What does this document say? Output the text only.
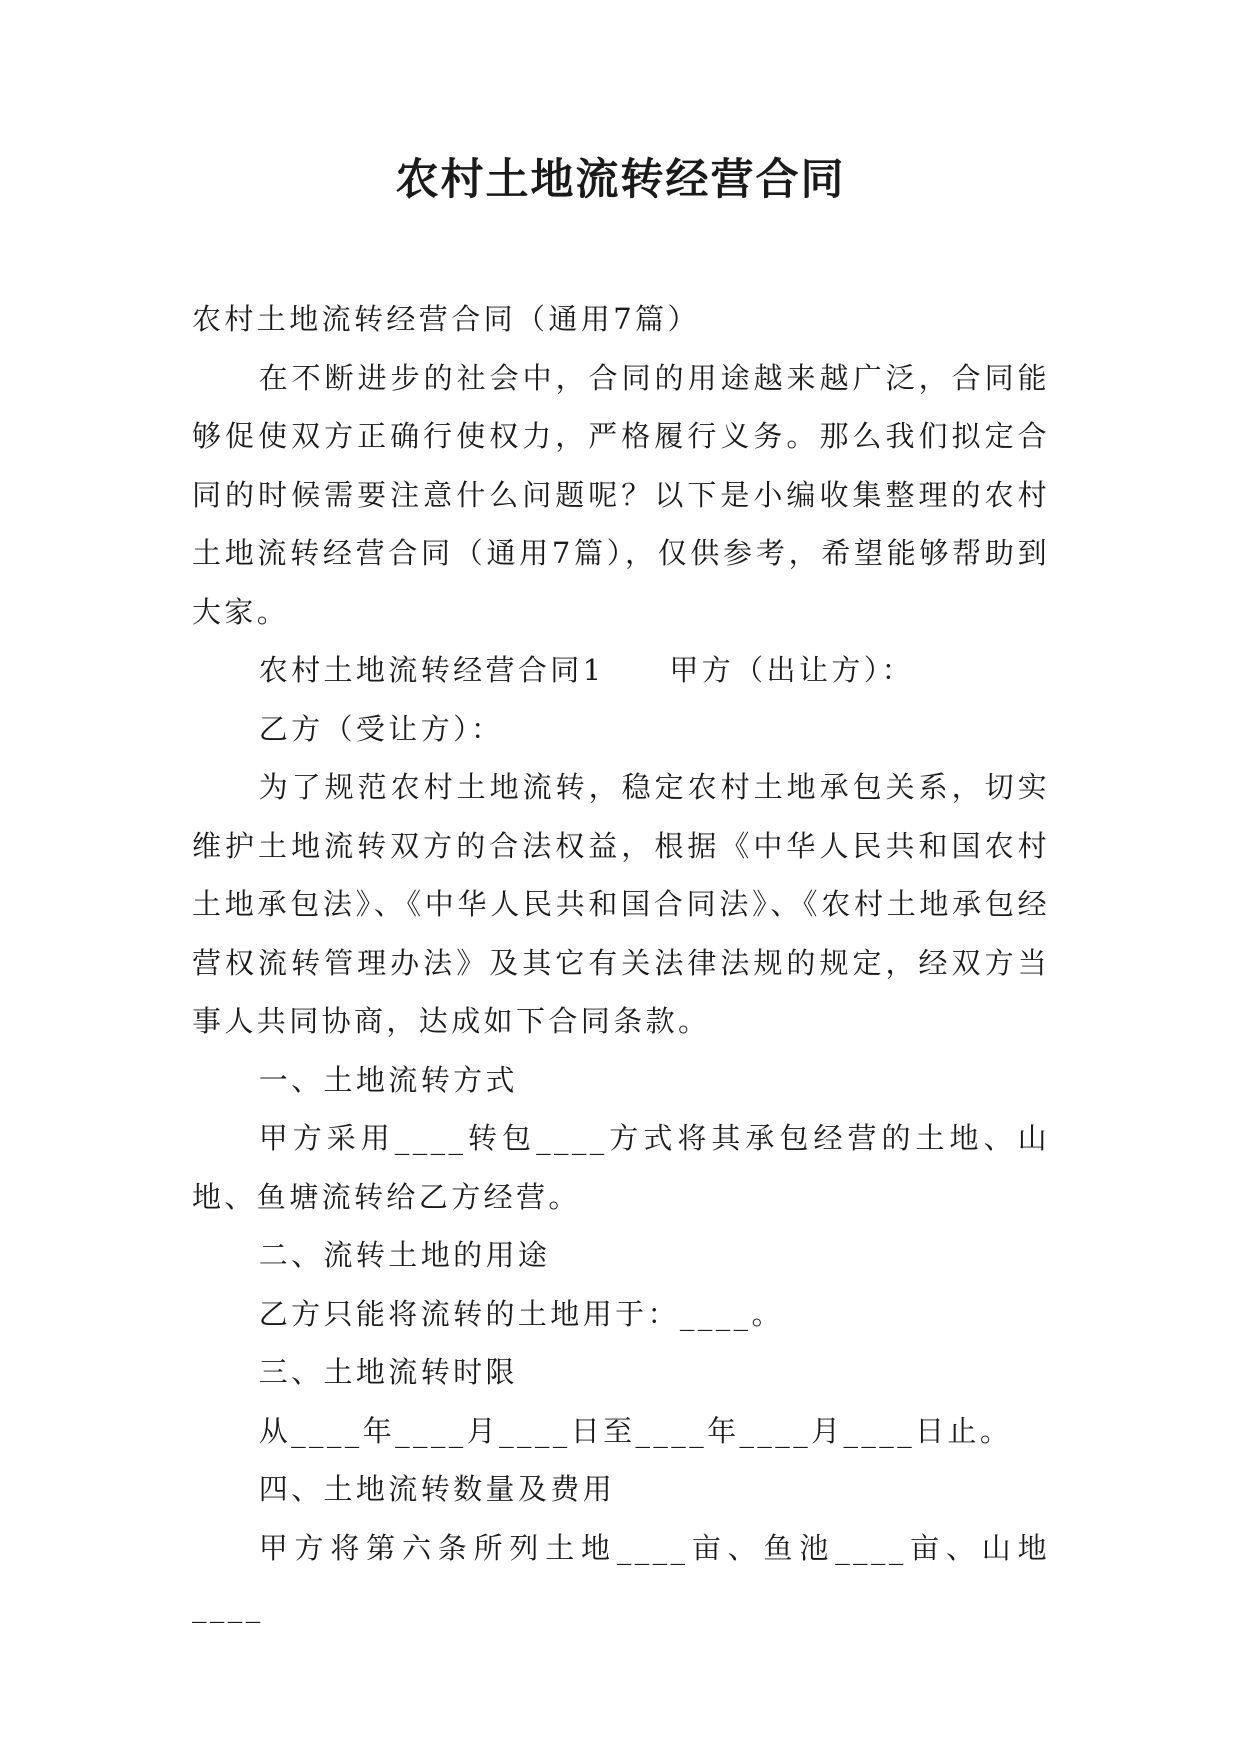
农村土地流转经营合同

农村土地流转经营合同（通用7篇）

在不断进步的社会中，合同的用途越来越广泛，合同能够促使双方正确行使权力，严格履行义务。那么我们拟定合同的时候需要注意什么问题呢？以下是小编收集整理的农村土地流转经营合同（通用7篇），仅供参考，希望能够帮助到大家。

农村土地流转经营合同1　　甲方（出让方）：

乙方（受让方）：

为了规范农村土地流转，稳定农村土地承包关系，切实维护土地流转双方的合法权益，根据《中华人民共和国农村土地承包法》、《中华人民共和国合同法》、《农村土地承包经营权流转管理办法》及其它有关法律法规的规定，经双方当事人共同协商，达成如下合同条款。

一、土地流转方式

甲方采用____转包____方式将其承包经营的土地、山地、鱼塘流转给乙方经营。

二、流转土地的用途

乙方只能将流转的土地用于：____。

三、土地流转时限

从____年____月____日至____年____月____日止。

四、土地流转数量及费用

甲方将第六条所列土地____亩、鱼池____亩、山地____
